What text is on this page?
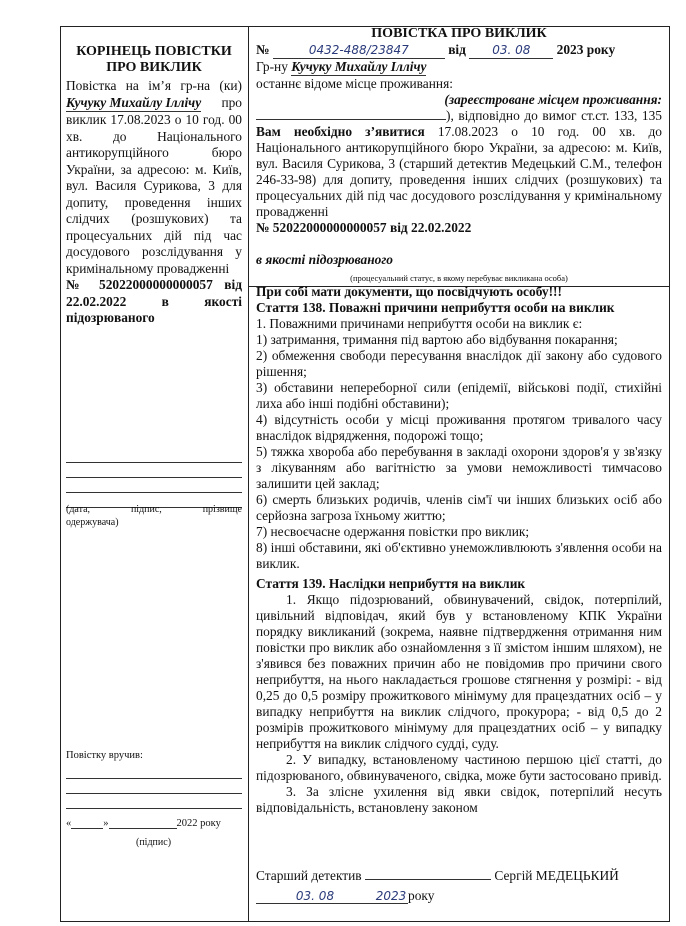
КОРІНЕЦЬ ПОВІСТКИ ПРО ВИКЛИК

Повістка на ім’я гр-на (ки) Кучуку Михайлу Іллічу про виклик 17.08.2023 о 10 год. 00 хв. до Національного антикорупційного бюро України, за адресою: м. Київ, вул. Василя Сурикова, 3 для допиту, проведення інших слідчих (розшукових) та процесуальних дій під час досудового розслідування у кримінальному провадженні

№ 52022000000000057 від 22.02.2022 в якості підозрюваного

(дата,	підпис,	прізвище
одержувача)
Повістку вручив:
«	»	2022 року
(підпис)
ПОВІСТКА ПРО ВИКЛИК
№
	0432-488/23847
	від
	03. 08
	2023 року

Гр-ну Кучуку Михайлу Іллічу

останнє відоме місце проживання:

(зареєстроване місцем проживання:

), відповідно до вимог ст.ст. 133, 135 Вам необхідно з’явитися 17.08.2023 о 10 год. 00 хв. до Національного антикорупційного бюро України, за адресою: м. Київ, вул. Василя Сурикова, 3 (старший детектив Медецький С.М., телефон 246-33-98) для допиту, проведення інших слідчих (розшукових) та процесуальних дій під час досудового розслідування у кримінальному провадженні

№ 52022000000000057 від 22.02.2022

в якості підозрюваного

(процесуальний статус, в якому перебуває викликана особа)

При собі мати документи, що посвідчують особу!!!

Стаття 138. Поважні причини неприбуття особи на виклик

1. Поважними причинами неприбуття особи на виклик є:

1) затримання, тримання під вартою або відбування покарання;

2) обмеження свободи пересування внаслідок дії закону або судового рішення;

3) обставини непереборної сили (епідемії, військові події, стихійні лиха або інші подібні обставини);

4) відсутність особи у місці проживання протягом тривалого часу внаслідок відрядження, подорожі тощо;

5) тяжка хвороба або перебування в закладі охорони здоров'я у зв'язку з лікуванням або вагітністю за умови неможливості тимчасово залишити цей заклад;

6) смерть близьких родичів, членів сім'ї чи інших близьких осіб або серйозна загроза їхньому життю;

7) несвоєчасне одержання повістки про виклик;

8) інші обставини, які об'єктивно унеможливлюють з'явлення особи на виклик.

Стаття 139. Наслідки неприбуття на виклик

1. Якщо підозрюваний, обвинувачений, свідок, потерпілий, цивільний відповідач, який був у встановленому КПК України порядку викликаний (зокрема, наявне підтвердження отримання ним повістки про виклик або ознайомлення з її змістом іншим шляхом), не з'явився без поважних причин або не повідомив про причини свого неприбуття, на нього накладається грошове стягнення у розмірі: - від 0,25 до 0,5 розміру прожиткового мінімуму для працездатних осіб – у випадку неприбуття на виклик слідчого, прокурора; - від 0,5 до 2 розмірів прожиткового мінімуму для працездатних осіб – у випадку неприбуття на виклик слідчого судді, суду.

2. У випадку, встановленому частиною першою цієї статті, до підозрюваного, обвинуваченого, свідка, може бути застосовано привід.

3. За злісне ухилення від явки свідок, потерпілий несуть відповідальність, встановлену законом

Старший детектив	Сергій МЕДЕЦЬКИЙ
03. 08	2023 року
